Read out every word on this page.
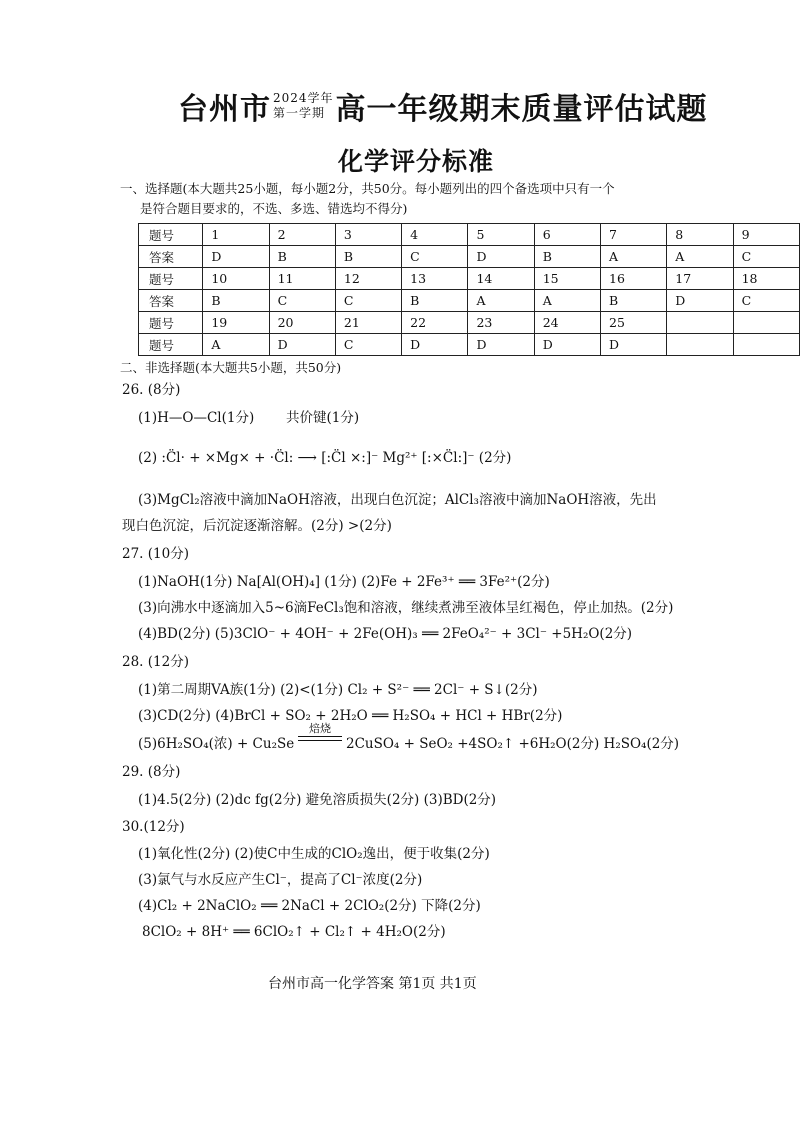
台州市 2024学年
第一学期 高一年级期末质量评估试题
化学评分标准
一、选择题(本大题共25小题，每小题2分，共50分。每小题列出的四个备选项中只有一个
是符合题目要求的，不选、多选、错选均不得分)
题号	1	2	3	4	5	6	7	8	9
答案	D	B	B	C	D	B	A	A	C
题号	10	11	12	13	14	15	16	17	18
答案	B	C	C	B	A	A	B	D	C
题号	19	20	21	22	23	24	25		
题号	A	D	C	D	D	D	D		
二、非选择题(本大题共5小题，共50分)
26. (8分)
(1)H—O—Cl(1分) 共价键(1分)
(2) :C̈l· + ×Mg× + ·C̈l: ⟶ [:C̈l ×:]⁻ Mg²⁺ [:×C̈l:]⁻ (2分)
(3)MgCl₂溶液中滴加NaOH溶液，出现白色沉淀；AlCl₃溶液中滴加NaOH溶液，先出
现白色沉淀，后沉淀逐渐溶解。(2分) >(2分)
27. (10分)
(1)NaOH(1分) Na[Al(OH)₄] (1分) (2)Fe + 2Fe³⁺ ══ 3Fe²⁺(2分)
(3)向沸水中逐滴加入5~6滴FeCl₃饱和溶液，继续煮沸至液体呈红褐色，停止加热。(2分)
(4)BD(2分) (5)3ClO⁻ + 4OH⁻ + 2Fe(OH)₃ ══ 2FeO₄²⁻ + 3Cl⁻ +5H₂O(2分)
28. (12分)
(1)第二周期VA族(1分) (2)<(1分) Cl₂ + S²⁻ ══ 2Cl⁻ + S↓(2分)
(3)CD(2分) (4)BrCl + SO₂ + 2H₂O ══ H₂SO₄ + HCl + HBr(2分)
(5)6H₂SO₄(浓) + Cu₂Se
焙烧
2CuSO₄ + SeO₂ +4SO₂↑ +6H₂O(2分) H₂SO₄(2分)
29. (8分)
(1)4.5(2分) (2)dc fg(2分) 避免溶质损失(2分) (3)BD(2分)
30.(12分)
(1)氧化性(2分) (2)使C中生成的ClO₂逸出，便于收集(2分)
(3)氯气与水反应产生Cl⁻，提高了Cl⁻浓度(2分)
(4)Cl₂ + 2NaClO₂ ══ 2NaCl + 2ClO₂(2分) 下降(2分)
8ClO₂ + 8H⁺ ══ 6ClO₂↑ + Cl₂↑ + 4H₂O(2分)
台州市高一化学答案 第1页 共1页
